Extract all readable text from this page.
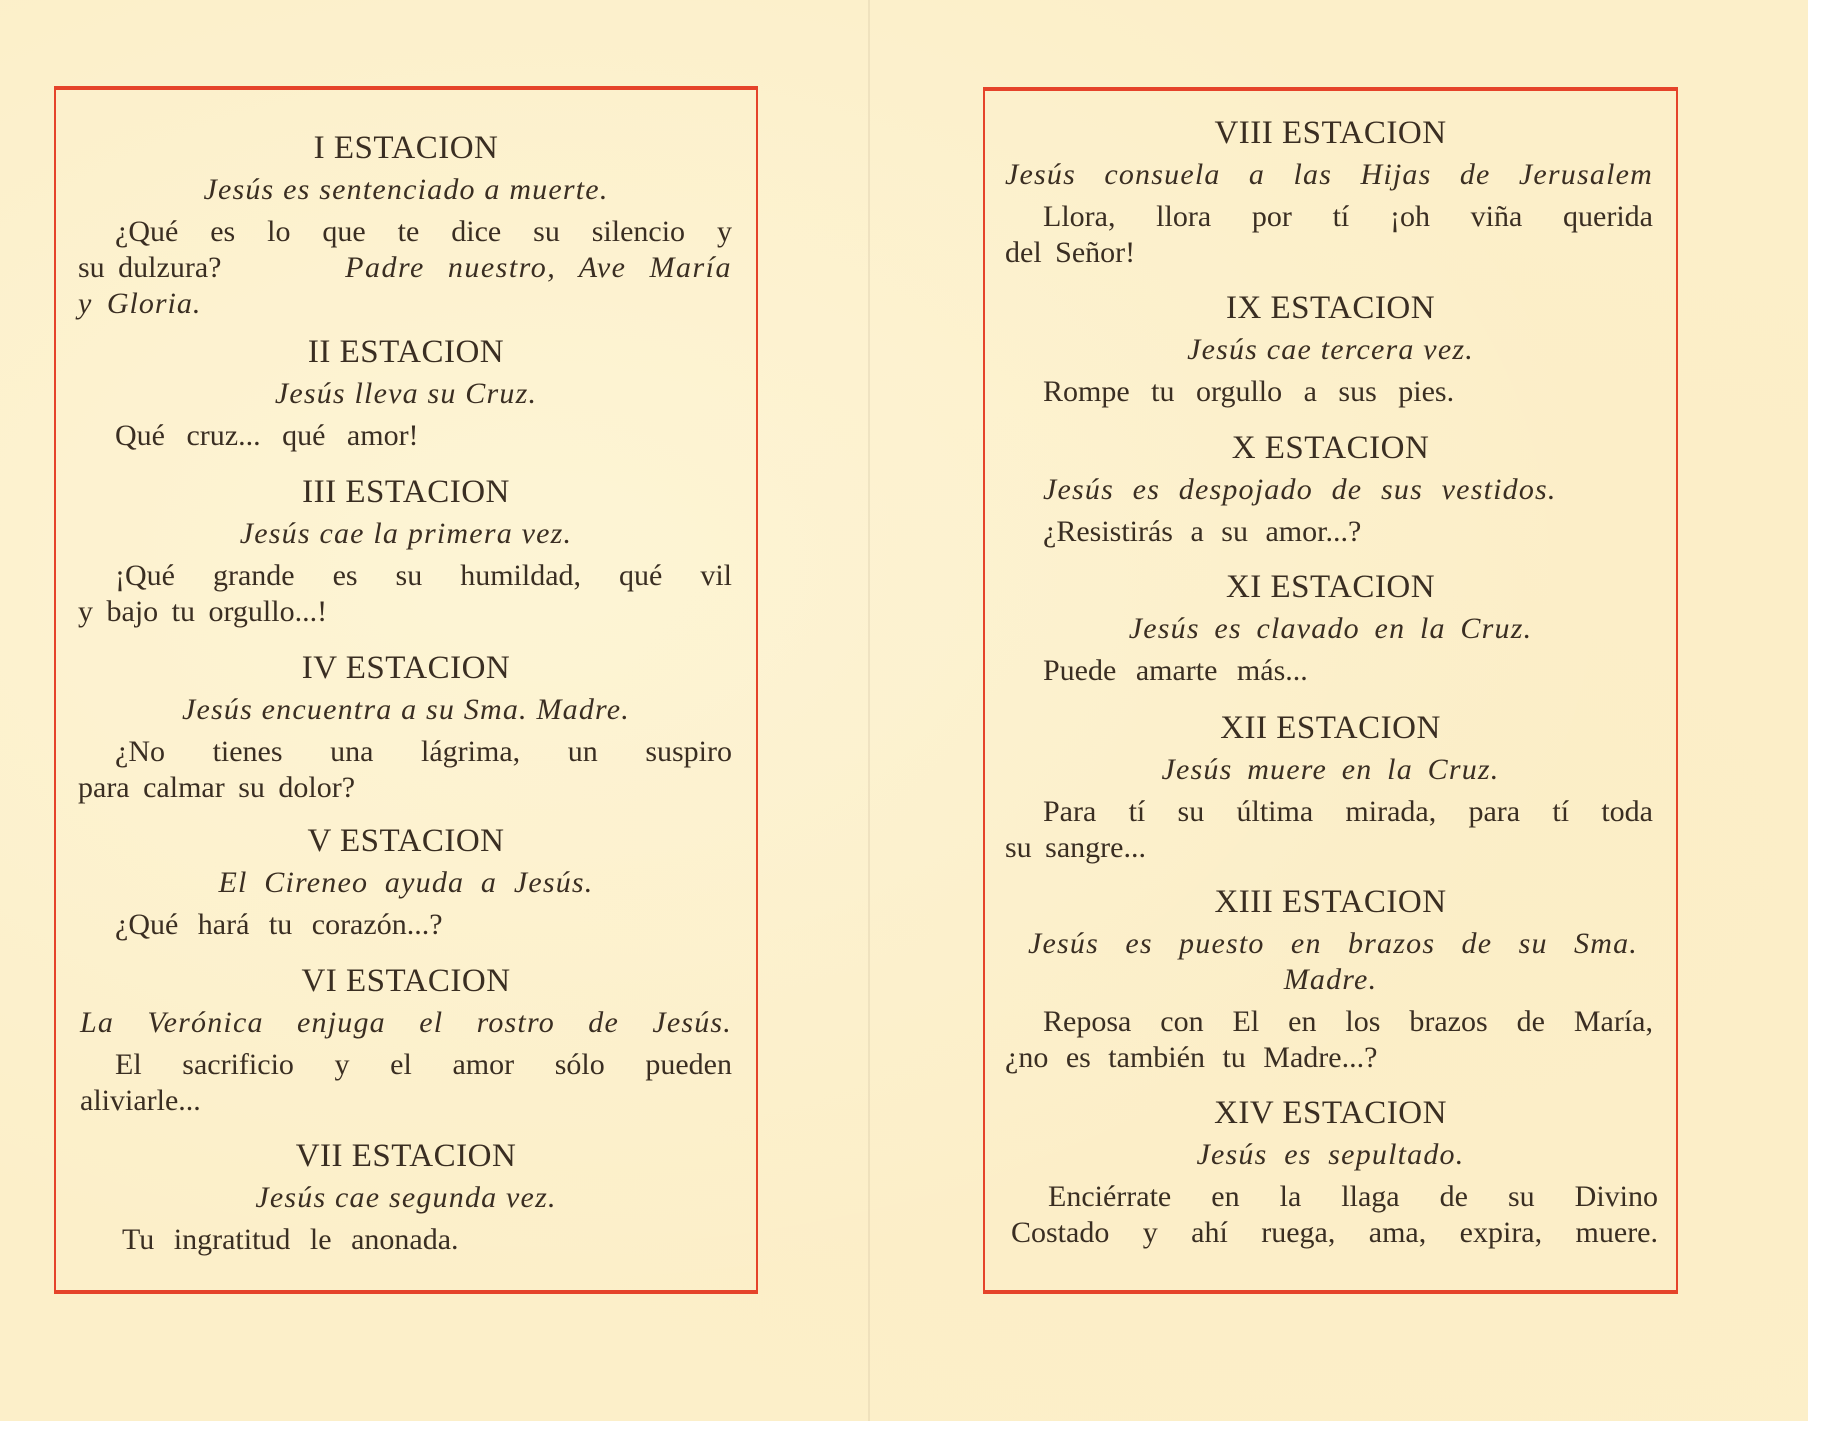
I ESTACION
Jesús es sentenciado a muerte.
¿Qué es lo que te dice su silencio y
su dulzura?	Padre nuestro, Ave María
y Gloria.
II ESTACION
Jesús lleva su Cruz.
Qué cruz... qué amor!
III ESTACION
Jesús cae la primera vez.
¡Qué grande es su humildad, qué vil
y bajo tu orgullo...!
IV ESTACION
Jesús encuentra a su Sma. Madre.
¿No tienes una lágrima, un suspiro
para calmar su dolor?
V ESTACION
El Cireneo ayuda a Jesús.
¿Qué hará tu corazón...?
VI ESTACION
La Verónica enjuga el rostro de Jesús.
El sacrificio y el amor sólo pueden
aliviarle...
VII ESTACION
Jesús cae segunda vez.
Tu ingratitud le anonada.
VIII ESTACION
Jesús consuela a las Hijas de Jerusalem
Llora, llora por tí ¡oh viña querida
del Señor!
IX ESTACION
Jesús cae tercera vez.
Rompe tu orgullo a sus pies.
X ESTACION
Jesús es despojado de sus vestidos.
¿Resistirás a su amor...?
XI ESTACION
Jesús es clavado en la Cruz.
Puede amarte más...
XII ESTACION
Jesús muere en la Cruz.
Para tí su última mirada, para tí toda
su sangre...
XIII ESTACION
Jesús es puesto en brazos de su Sma.
Madre.
Reposa con El en los brazos de María,
¿no es también tu Madre...?
XIV ESTACION
Jesús es sepultado.
Enciérrate en la llaga de su Divino
Costado y ahí ruega, ama, expira, muere.
